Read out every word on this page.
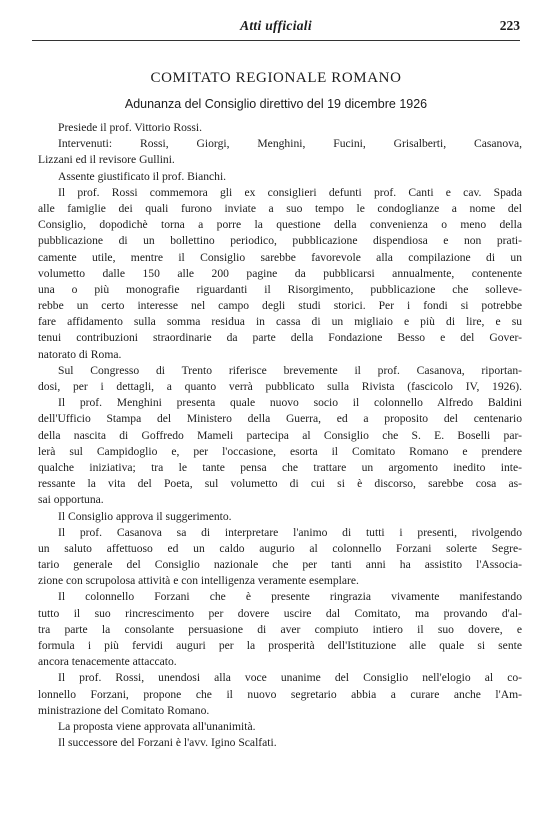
Atti ufficiali	223
COMITATO REGIONALE ROMANO
Adunanza del Consiglio direttivo del 19 dicembre 1926
Presiede il prof. Vittorio Rossi.
Intervenuti: Rossi, Giorgi, Menghini, Fucini, Grisalberti, Casanova,
Lizzani ed il revisore Gullini.
Assente giustificato il prof. Bianchi.
Il prof. Rossi commemora gli ex consiglieri defunti prof. Canti e cav. Spada
alle famiglie dei quali furono inviate a suo tempo le condoglianze a nome del
Consiglio, dopodichè torna a porre la questione della convenienza o meno della
pubblicazione di un bollettino periodico, pubblicazione dispendiosa e non prati-
camente utile, mentre il Consiglio sarebbe favorevole alla compilazione di un
volumetto dalle 150 alle 200 pagine da pubblicarsi annualmente, contenente
una o più monografie riguardanti il Risorgimento, pubblicazione che solleve-
rebbe un certo interesse nel campo degli studi storici. Per i fondi si potrebbe
fare affidamento sulla somma residua in cassa di un migliaio e più di lire, e su
tenui contribuzioni straordinarie da parte della Fondazione Besso e del Gover-
natorato di Roma.
Sul Congresso di Trento riferisce brevemente il prof. Casanova, riportan-
dosi, per i dettagli, a quanto verrà pubblicato sulla Rivista (fascicolo IV, 1926).
Il prof. Menghini presenta quale nuovo socio il colonnello Alfredo Baldini
dell'Ufficio Stampa del Ministero della Guerra, ed a proposito del centenario
della nascita di Goffredo Mameli partecipa al Consiglio che S. E. Boselli par-
lerà sul Campidoglio e, per l'occasione, esorta il Comitato Romano e prendere
qualche iniziativa; tra le tante pensa che trattare un argomento inedito inte-
ressante la vita del Poeta, sul volumetto di cui si è discorso, sarebbe cosa as-
sai opportuna.
Il Consiglio approva il suggerimento.
Il prof. Casanova sa di interpretare l'animo di tutti i presenti, rivolgendo
un saluto affettuoso ed un caldo augurio al colonnello Forzani solerte Segre-
tario generale del Consiglio nazionale che per tanti anni ha assistito l'Associa-
zione con scrupolosa attività e con intelligenza veramente esemplare.
Il colonnello Forzani che è presente ringrazia vivamente manifestando
tutto il suo rincrescimento per dovere uscire dal Comitato, ma provando d'al-
tra parte la consolante persuasione di aver compiuto intiero il suo dovere, e
formula i più fervidi auguri per la prosperità dell'Istituzione alle quale si sente
ancora tenacemente attaccato.
Il prof. Rossi, unendosi alla voce unanime del Consiglio nell'elogio al co-
lonnello Forzani, propone che il nuovo segretario abbia a curare anche l'Am-
ministrazione del Comitato Romano.
La proposta viene approvata all'unanimità.
Il successore del Forzani è l'avv. Igino Scalfati.
